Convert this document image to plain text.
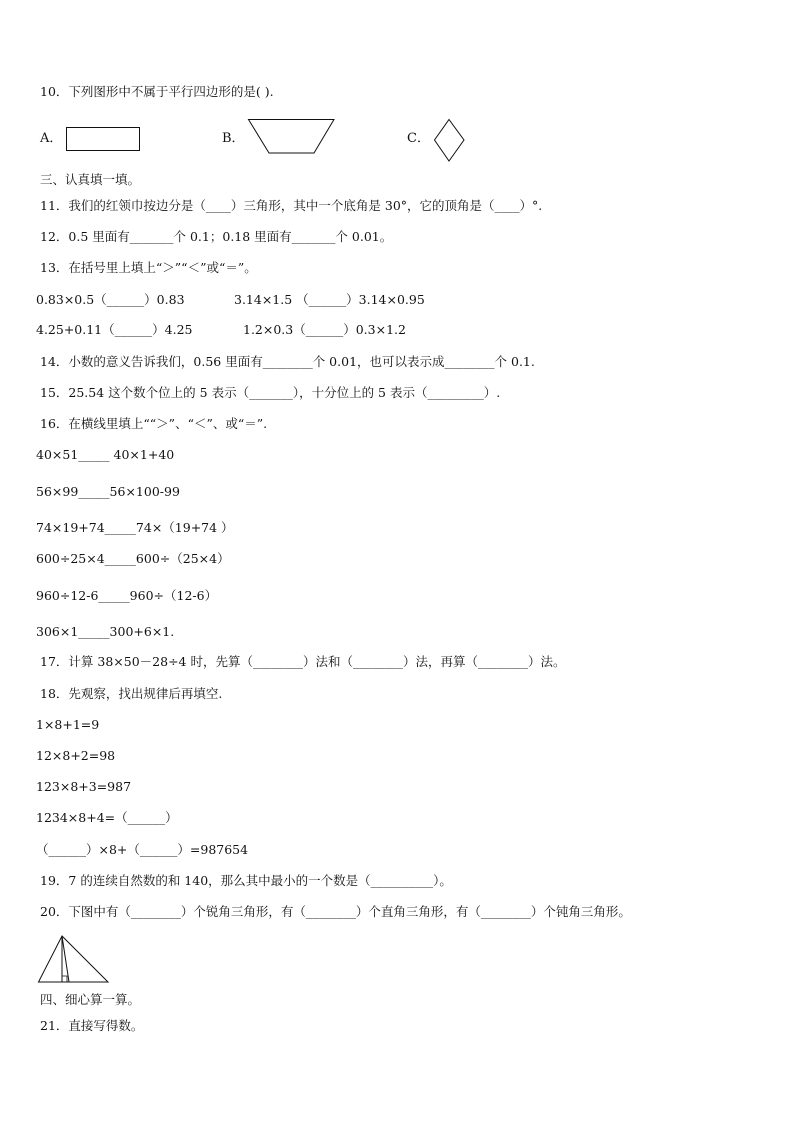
10．下列图形中不属于平行四边形的是( ).
A．	B．	C．
三、认真填一填。
11．我们的红领巾按边分是（____）三角形，其中一个底角是 30°，它的顶角是（____）°.
12．0.5 里面有_______个 0.1；0.18 里面有_______个 0.01。
13．在括号里上填上“＞”“＜”或“＝”。
0.83×0.5（______）0.83	3.14×1.5 （______）3.14×0.95
4.25+0.11（______）4.25	1.2×0.3（______）0.3×1.2
14．小数的意义告诉我们，0.56 里面有________个 0.01，也可以表示成________个 0.1.
15．25.54 这个数个位上的 5 表示（_______），十分位上的 5 表示（_________）.
16．在横线里填上““＞”、“＜”、或“＝”.
40×51_____ 40×1+40
56×99_____56×100-99
74×19+74_____74×（19+74 ）
600÷25×4_____600÷（25×4）
960÷12-6_____960÷（12-6）
306×1_____300+6×1.
17．计算 38×50－28÷4 时，先算（________）法和（________）法，再算（________）法。
18．先观察，找出规律后再填空.
1×8+1=9
12×8+2=98
123×8+3=987
1234×8+4=（______）
（______）×8+（______）=987654
19．7 的连续自然数的和 140，那么其中最小的一个数是（__________）。
20．下图中有（________）个锐角三角形，有（________）个直角三角形，有（________）个钝角三角形。
四、细心算一算。
21．直接写得数。
